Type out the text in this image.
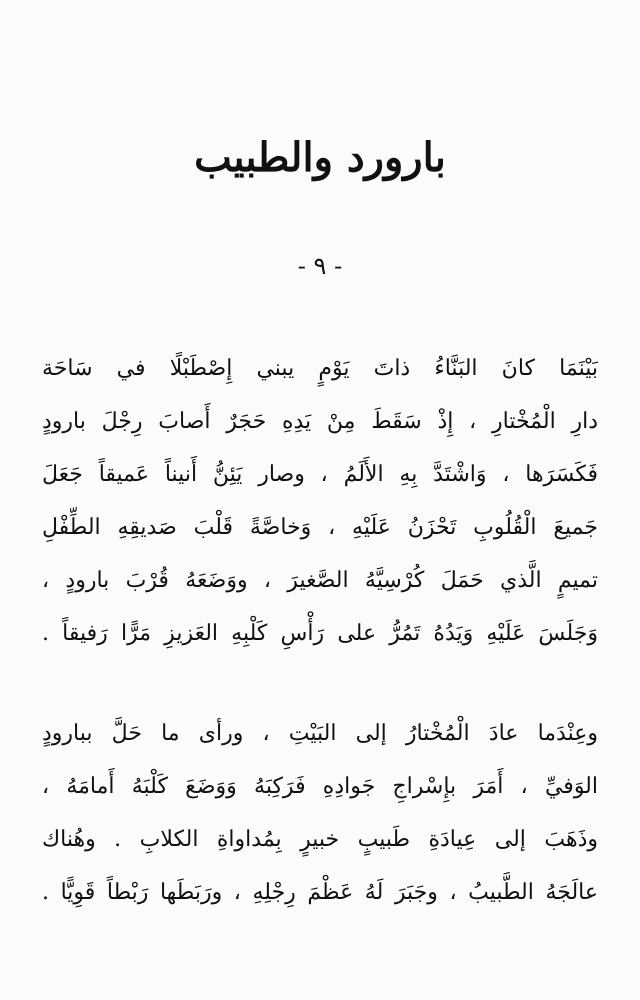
بارورد والطبيب
- ٩ -
بَيْنَمَا كانَ البَنَّاءُ ذاتَ يَوْمٍ يبني إِصْطَبْلًا في سَاحَة
دارِ الْمُخْتارِ ، إِذْ سَقَطَ مِنْ يَدِهِ حَجَرٌ أَصابَ رِجْلَ بارودٍ
فَكَسَرَها ، وَاشْتَدَّ بِهِ الأَلَمُ ، وصار يَئِنُّ أَنيناً عَميقاً جَعَلَ
جَميعَ الْقُلُوبِ تَحْزَنُ عَلَيْهِ ، وَخاصَّةً قَلْبَ صَديقِهِ الطِّفْلِ
تميمٍ الَّذي حَمَلَ كُرْسِيَّهُ الصَّغيرَ ، ووَضَعَهُ قُرْبَ بارودٍ ،
وَجَلَسَ عَلَيْهِ وَيَدُهُ تَمُرُّ على رَأْسِ كَلْبِهِ العَزيزِ مَرًّا رَفيقاً .
وعِنْدَما عادَ الْمُخْتارُ إلى البَيْتِ ، ورأى ما حَلَّ ببارودٍ
الوَفيِّ ، أَمَرَ بإِسْراجِ جَوادِهِ فَرَكِبَهُ وَوَضَعَ كَلْبَهُ أَمامَهُ ،
وذَهَبَ إلى عِيادَةِ طَبيبٍ خبيرٍ بِمُداواةِ الكلابِ . وهُناك
عالَجَهُ الطَّبيبُ ، وجَبَرَ لَهُ عَظْمَ رِجْلِهِ ، ورَبَطَها رَبْطاً قَوِيًّا .
